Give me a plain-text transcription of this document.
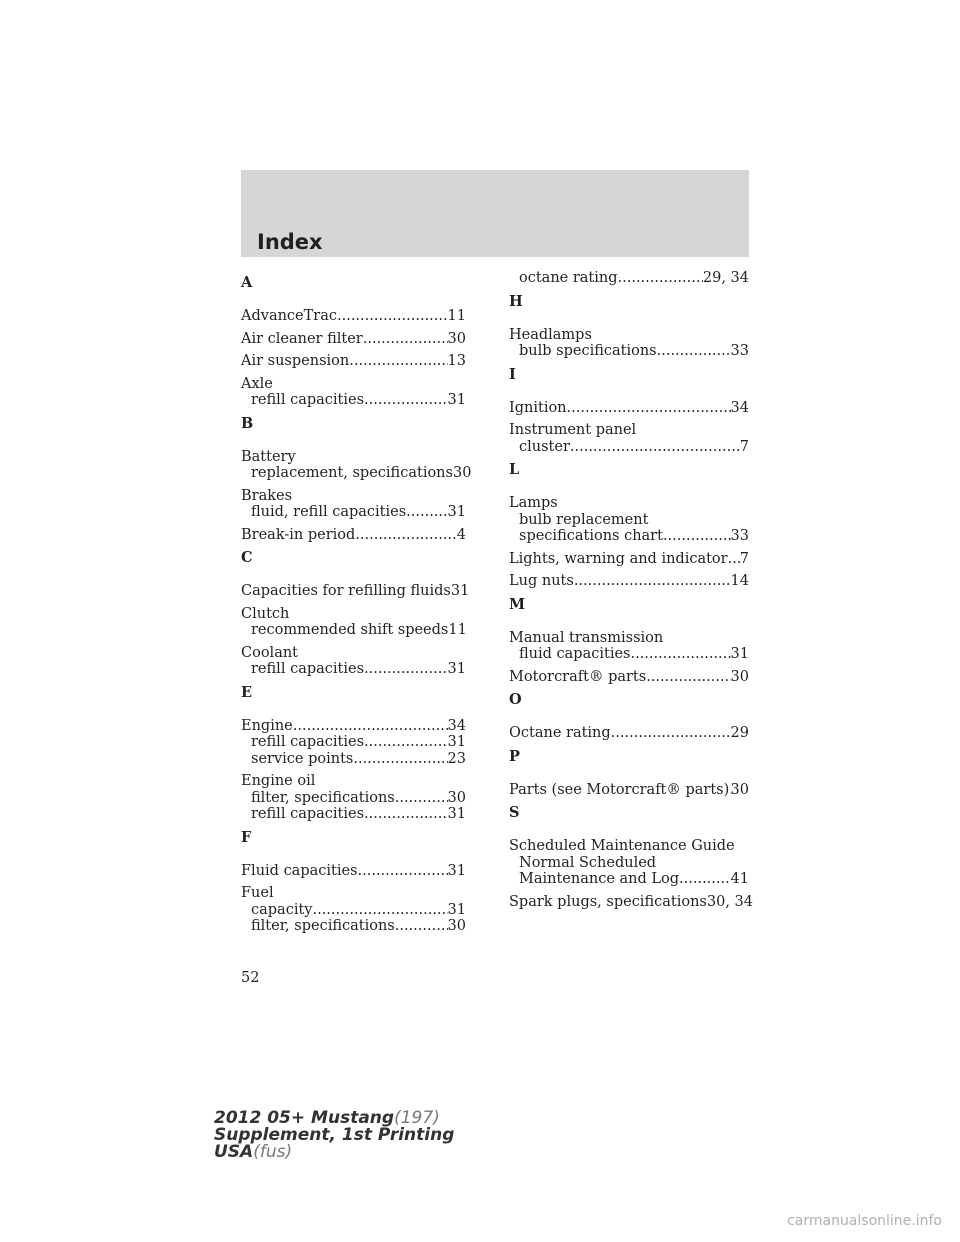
Index
A
AdvanceTrac .....	11
Air cleaner filter .....	30
Air suspension .....	13
Axle
refill capacities .....	31
B
Battery
replacement, specifications 30
Brakes
fluid, refill capacities .....	31
Break-in period .....	4
C
Capacities for refilling fluids 31
Clutch
recommended shift speeds 11
Coolant
refill capacities .....	31
E
Engine .....	34
refill capacities .....	31
service points .....	23
Engine oil
filter, specifications .....	30
refill capacities .....	31
F
Fluid capacities .....	31
Fuel
capacity .....	31
filter, specifications .....	30
octane rating .....	29, 34
H
Headlamps
bulb specifications .....	33
I
Ignition .....	34
Instrument panel
cluster .....	7
L
Lamps
bulb replacement
specifications chart .....	33
Lights, warning and indicator ..... 7
Lug nuts .....	14
M
Manual transmission
fluid capacities .....	31
Motorcraft® parts .....	30
O
Octane rating .....	29
P
Parts (see Motorcraft® parts) ..... 30
S
Scheduled Maintenance Guide
Normal Scheduled
Maintenance and Log .....	41
Spark plugs, specifications 30, 34
52
2012 05+ Mustang(197)
Supplement, 1st Printing
USA(fus)
carmanualsonline.info
